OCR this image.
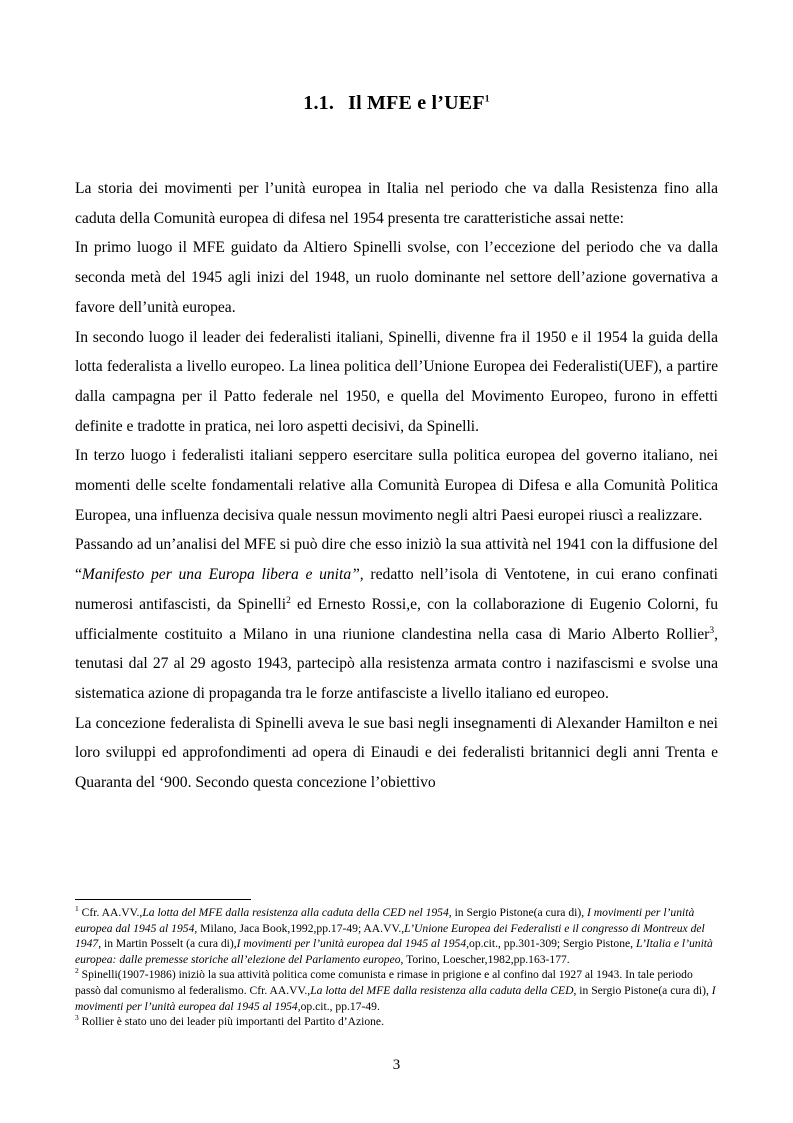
1.1. Il MFE e l’UEF$^1$

La storia dei movimenti per l’unità europea in Italia nel periodo che va dalla Resistenza fino alla caduta della Comunità europea di difesa nel 1954 presenta tre caratteristiche assai nette:

In primo luogo il MFE guidato da Altiero Spinelli svolse, con l’eccezione del periodo che va dalla seconda metà del 1945 agli inizi del 1948, un ruolo dominante nel settore dell’azione governativa a favore dell’unità europea.

In secondo luogo il leader dei federalisti italiani, Spinelli, divenne fra il 1950 e il 1954 la guida della lotta federalista a livello europeo. La linea politica dell’Unione Europea dei Federalisti(UEF), a partire dalla campagna per il Patto federale nel 1950, e quella del Movimento Europeo, furono in effetti definite e tradotte in pratica, nei loro aspetti decisivi, da Spinelli.

In terzo luogo i federalisti italiani seppero esercitare sulla politica europea del governo italiano, nei momenti delle scelte fondamentali relative alla Comunità Europea di Difesa e alla Comunità Politica Europea, una influenza decisiva quale nessun movimento negli altri Paesi europei riuscì a realizzare.

Passando ad un’analisi del MFE si può dire che esso iniziò la sua attività nel 1941 con la diffusione del “Manifesto per una Europa libera e unita”, redatto nell’isola di Ventotene, in cui erano confinati numerosi antifascisti, da Spinelli$^2$ ed Ernesto Rossi,e, con la collaborazione di Eugenio Colorni, fu ufficialmente costituito a Milano in una riunione clandestina nella casa di Mario Alberto Rollier$^3$, tenutasi dal 27 al 29 agosto 1943, partecipò alla resistenza armata contro i nazifascismi e svolse una sistematica azione di propaganda tra le forze antifasciste a livello italiano ed europeo.

La concezione federalista di Spinelli aveva le sue basi negli insegnamenti di Alexander Hamilton e nei loro sviluppi ed approfondimenti ad opera di Einaudi e dei federalisti britannici degli anni Trenta e Quaranta del ‘900. Secondo questa concezione l’obiettivo

$^1$ Cfr. AA.VV.,La lotta del MFE dalla resistenza alla caduta della CED nel 1954, in Sergio Pistone(a cura di), I movimenti per l’unità europea dal 1945 al 1954, Milano, Jaca Book,1992,pp.17-49; AA.VV.,L’Unione Europea dei Federalisti e il congresso di Montreux del 1947, in Martin Posselt (a cura di),I movimenti per l’unità europea dal 1945 al 1954,op.cit., pp.301-309; Sergio Pistone, L’Italia e l’unità europea: dalle premesse storiche all’elezione del Parlamento europeo, Torino, Loescher,1982,pp.163-177.

$^2$ Spinelli(1907-1986) iniziò la sua attività politica come comunista e rimase in prigione e al confino dal 1927 al 1943. In tale periodo passò dal comunismo al federalismo. Cfr. AA.VV.,La lotta del MFE dalla resistenza alla caduta della CED, in Sergio Pistone(a cura di), I movimenti per l’unità europea dal 1945 al 1954,op.cit., pp.17-49.

$^3$ Rollier è stato uno dei leader più importanti del Partito d’Azione.

3
